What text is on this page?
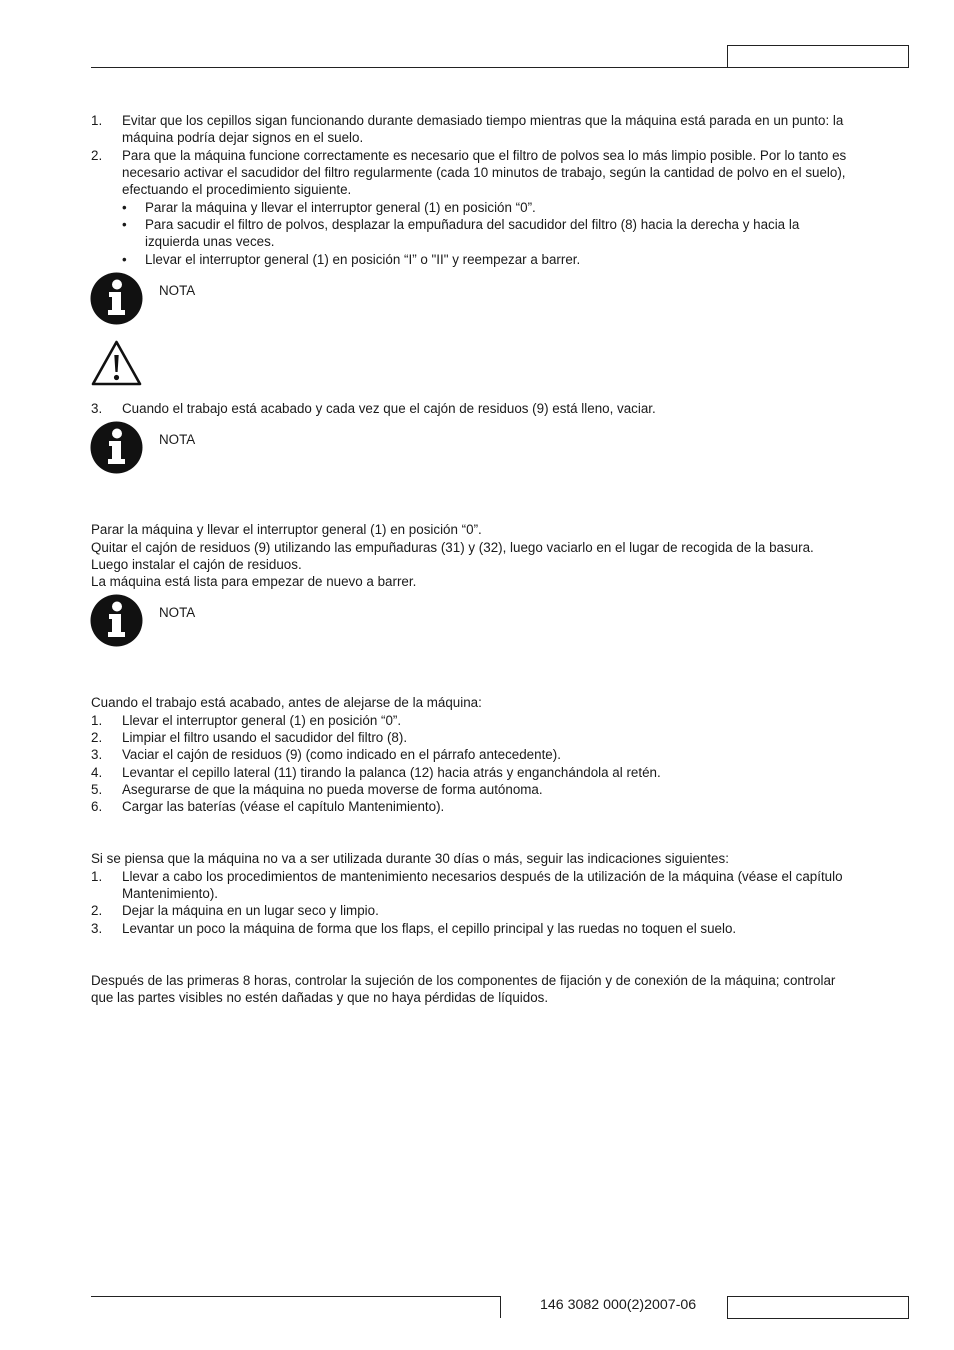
1. Evitar que los cepillos sigan funcionando durante demasiado tiempo mientras que la máquina está parada en un punto: la
máquina podría dejar signos en el suelo.
2. Para que la máquina funcione correctamente es necesario que el filtro de polvos sea lo más limpio posible. Por lo tanto es
necesario activar el sacudidor del filtro regularmente (cada 10 minutos de trabajo, según la cantidad de polvo en el suelo),
efectuando el procedimiento siguiente.
• Parar la máquina y llevar el interruptor general (1) en posición “0”.
• Para sacudir el filtro de polvos, desplazar la empuñadura del sacudidor del filtro (8) hacia la derecha y hacia la
izquierda unas veces.
• Llevar el interruptor general (1) en posición “I” o "II" y reempezar a barrer.
NOTA
3. Cuando el trabajo está acabado y cada vez que el cajón de residuos (9) está lleno, vaciar.
NOTA
Parar la máquina y llevar el interruptor general (1) en posición “0”.
Quitar el cajón de residuos (9) utilizando las empuñaduras (31) y (32), luego vaciarlo en el lugar de recogida de la basura.
Luego instalar el cajón de residuos.
La máquina está lista para empezar de nuevo a barrer.
NOTA
Cuando el trabajo está acabado, antes de alejarse de la máquina:
1. Llevar el interruptor general (1) en posición “0”.
2. Limpiar el filtro usando el sacudidor del filtro (8).
3. Vaciar el cajón de residuos (9) (como indicado en el párrafo antecedente).
4. Levantar el cepillo lateral (11) tirando la palanca (12) hacia atrás y enganchándola al retén.
5. Asegurarse de que la máquina no pueda moverse de forma autónoma.
6. Cargar las baterías (véase el capítulo Mantenimiento).
Si se piensa que la máquina no va a ser utilizada durante 30 días o más, seguir las indicaciones siguientes:
1. Llevar a cabo los procedimientos de mantenimiento necesarios después de la utilización de la máquina (véase el capítulo
Mantenimiento).
2. Dejar la máquina en un lugar seco y limpio.
3. Levantar un poco la máquina de forma que los flaps, el cepillo principal y las ruedas no toquen el suelo.
Después de las primeras 8 horas, controlar la sujeción de los componentes de fijación y de conexión de la máquina; controlar
que las partes visibles no estén dañadas y que no haya pérdidas de líquidos.
146 3082 000(2)2007-06
